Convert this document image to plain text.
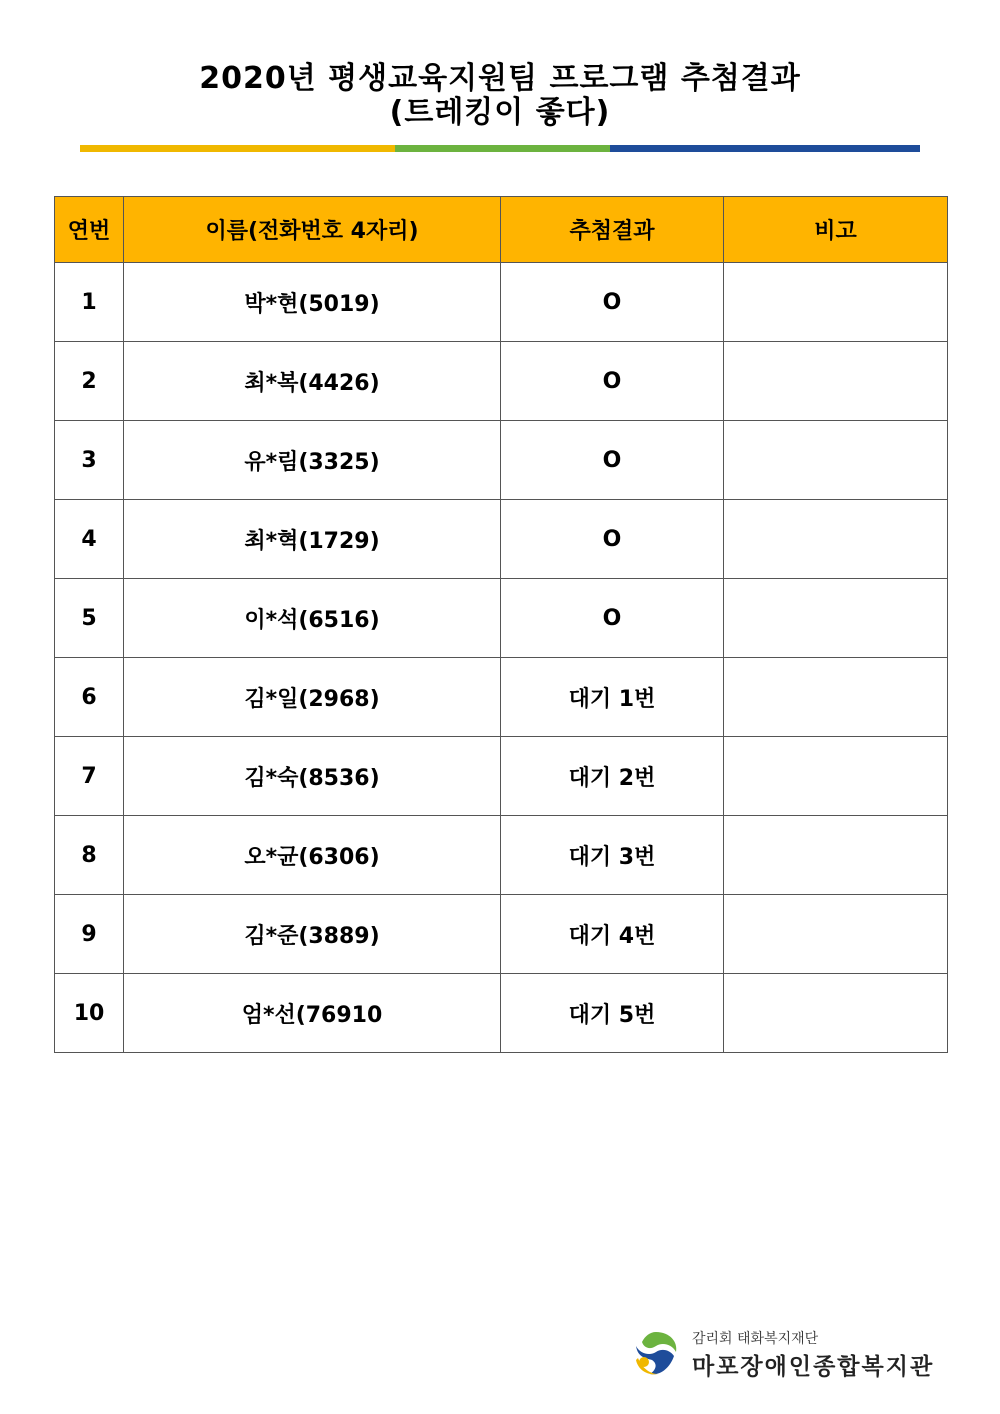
2020년 평생교육지원팀 프로그램 추첨결과
(트레킹이 좋다)
연번	이름(전화번호 4자리)	추첨결과	비고
1	박*현(5019)	O	
2	최*복(4426)	O	
3	유*림(3325)	O	
4	최*혁(1729)	O	
5	이*석(6516)	O	
6	김*일(2968)	대기 1번	
7	김*숙(8536)	대기 2번	
8	오*균(6306)	대기 3번	
9	김*준(3889)	대기 4번	
10	엄*선(76910	대기 5번	
감리회 태화복지재단
마포장애인종합복지관
